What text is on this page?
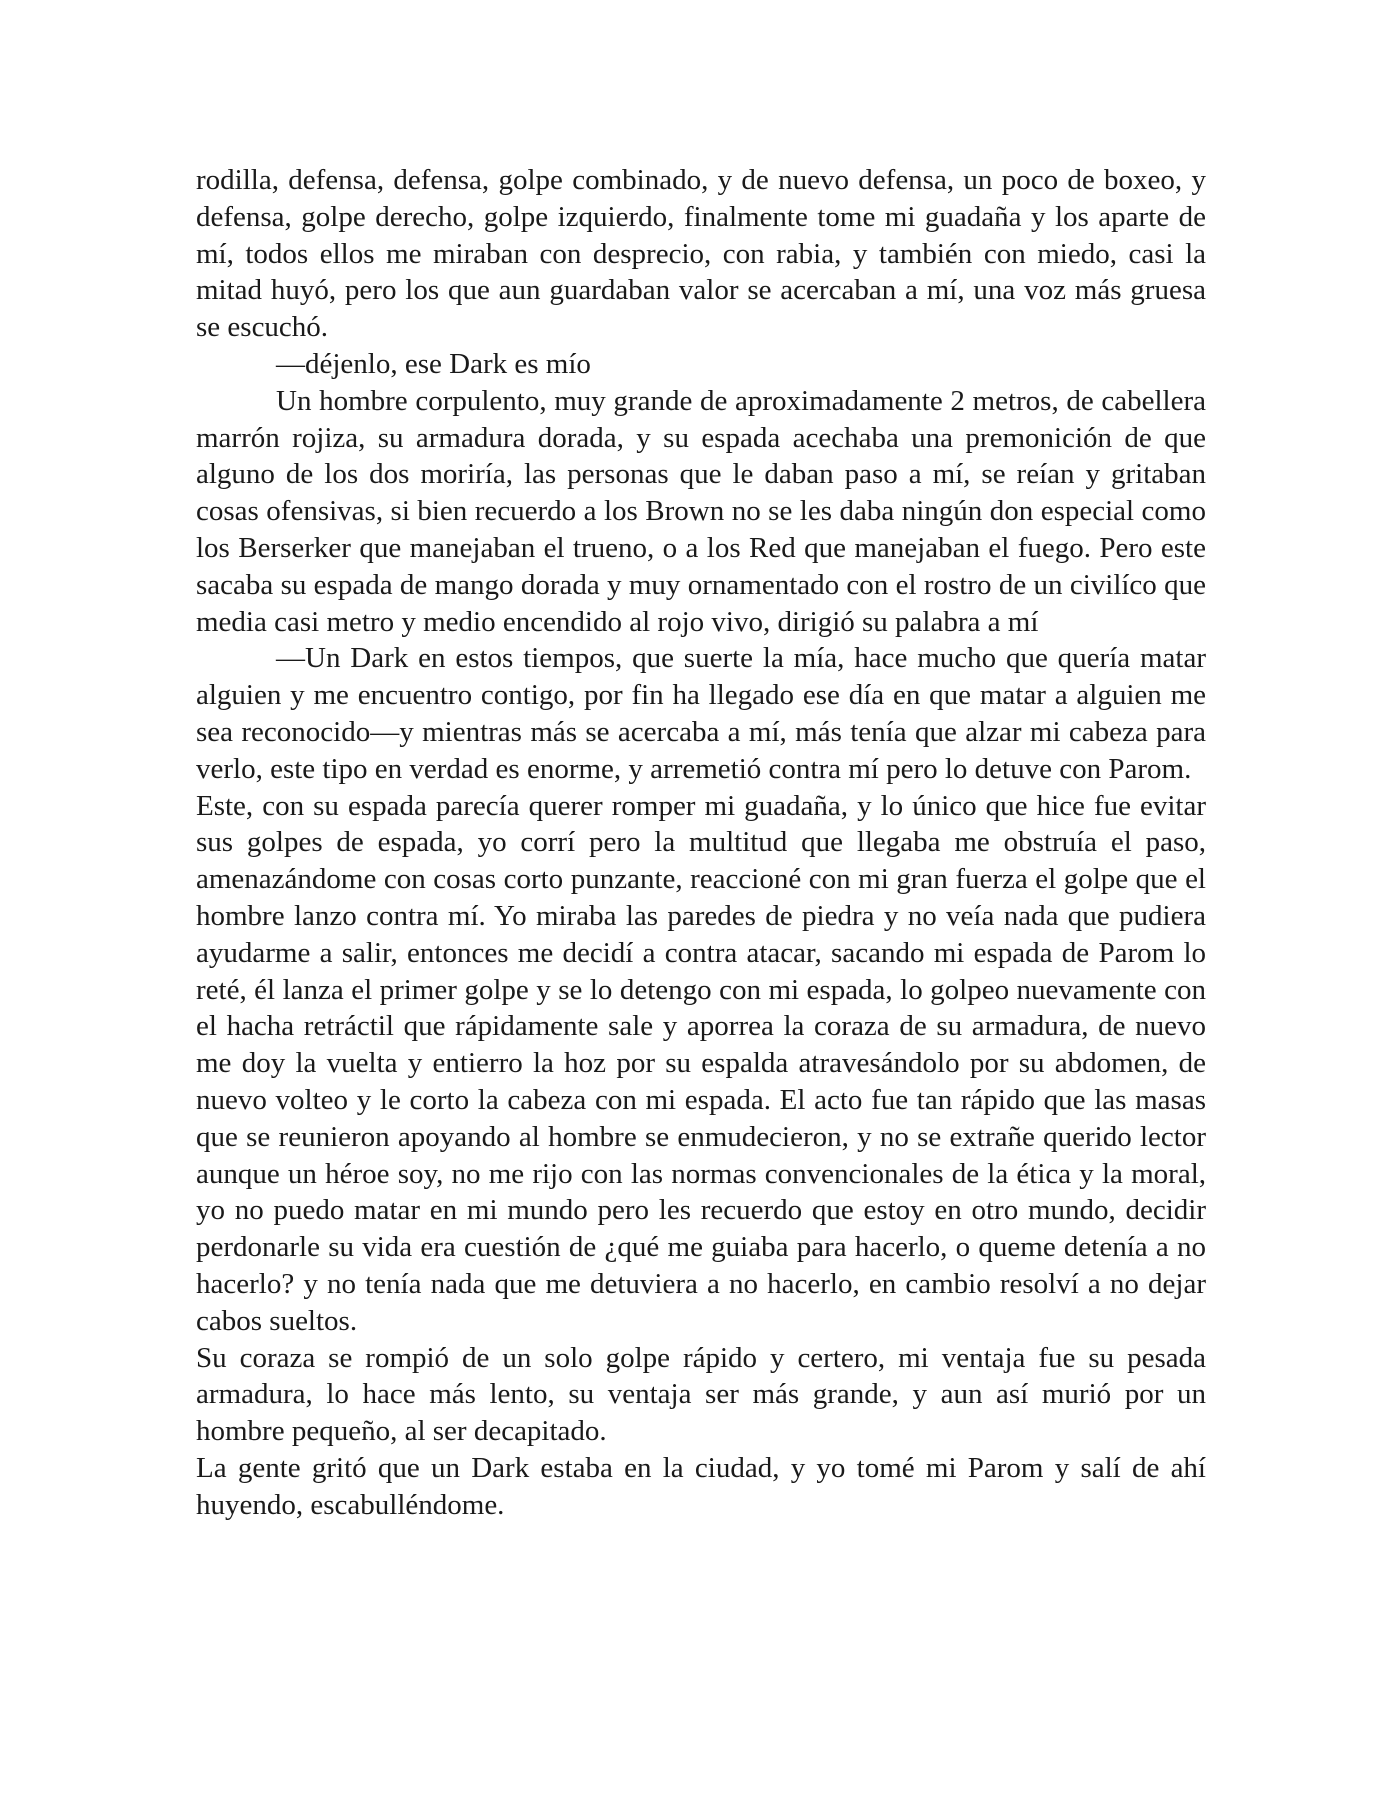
rodilla, defensa, defensa, golpe combinado, y de nuevo defensa, un poco de boxeo, y defensa, golpe derecho, golpe izquierdo, finalmente tome mi guadaña y los aparte de mí, todos ellos me miraban con desprecio, con rabia, y también con miedo, casi la mitad huyó, pero los que aun guardaban valor se acercaban a mí, una voz más gruesa se escuchó.

—déjenlo, ese Dark es mío

Un hombre corpulento, muy grande de aproximadamente 2 metros, de cabellera marrón rojiza, su armadura dorada, y su espada acechaba una premonición de que alguno de los dos moriría, las personas que le daban paso a mí, se reían y gritaban cosas ofensivas, si bien recuerdo a los Brown no se les daba ningún don especial como los Berserker que manejaban el trueno, o a los Red que manejaban el fuego. Pero este sacaba su espada de mango dorada y muy ornamentado con el rostro de un civilíco que media casi metro y medio encendido al rojo vivo, dirigió su palabra a mí

—Un Dark en estos tiempos, que suerte la mía, hace mucho que quería matar alguien y me encuentro contigo, por fin ha llegado ese día en que matar a alguien me sea reconocido—y mientras más se acercaba a mí, más tenía que alzar mi cabeza para verlo, este tipo en verdad es enorme, y arremetió contra mí pero lo detuve con Parom.

Este, con su espada parecía querer romper mi guadaña, y lo único que hice fue evitar sus golpes de espada, yo corrí pero la multitud que llegaba me obstruía el paso, amenazándome con cosas corto punzante, reaccioné con mi gran fuerza el golpe que el hombre lanzo contra mí. Yo miraba las paredes de piedra y no veía nada que pudiera ayudarme a salir, entonces me decidí a contra atacar, sacando mi espada de Parom lo reté, él lanza el primer golpe y se lo detengo con mi espada, lo golpeo nuevamente con el hacha retráctil que rápidamente sale y aporrea la coraza de su armadura, de nuevo me doy la vuelta y entierro la hoz por su espalda atravesándolo por su abdomen, de nuevo volteo y le corto la cabeza con mi espada. El acto fue tan rápido que las masas que se reunieron apoyando al hombre se enmudecieron, y no se extrañe querido lector aunque un héroe soy, no me rijo con las normas convencionales de la ética y la moral, yo no puedo matar en mi mundo pero les recuerdo que estoy en otro mundo, decidir perdonarle su vida era cuestión de ¿qué me guiaba para hacerlo, o queme detenía a no hacerlo? y no tenía nada que me detuviera a no hacerlo, en cambio resolví a no dejar cabos sueltos.

Su coraza se rompió de un solo golpe rápido y certero, mi ventaja fue su pesada armadura, lo hace más lento, su ventaja ser más grande, y aun así murió por un hombre pequeño, al ser decapitado.

La gente gritó que un Dark estaba en la ciudad, y yo tomé mi Parom y salí de ahí huyendo, escabulléndome.
